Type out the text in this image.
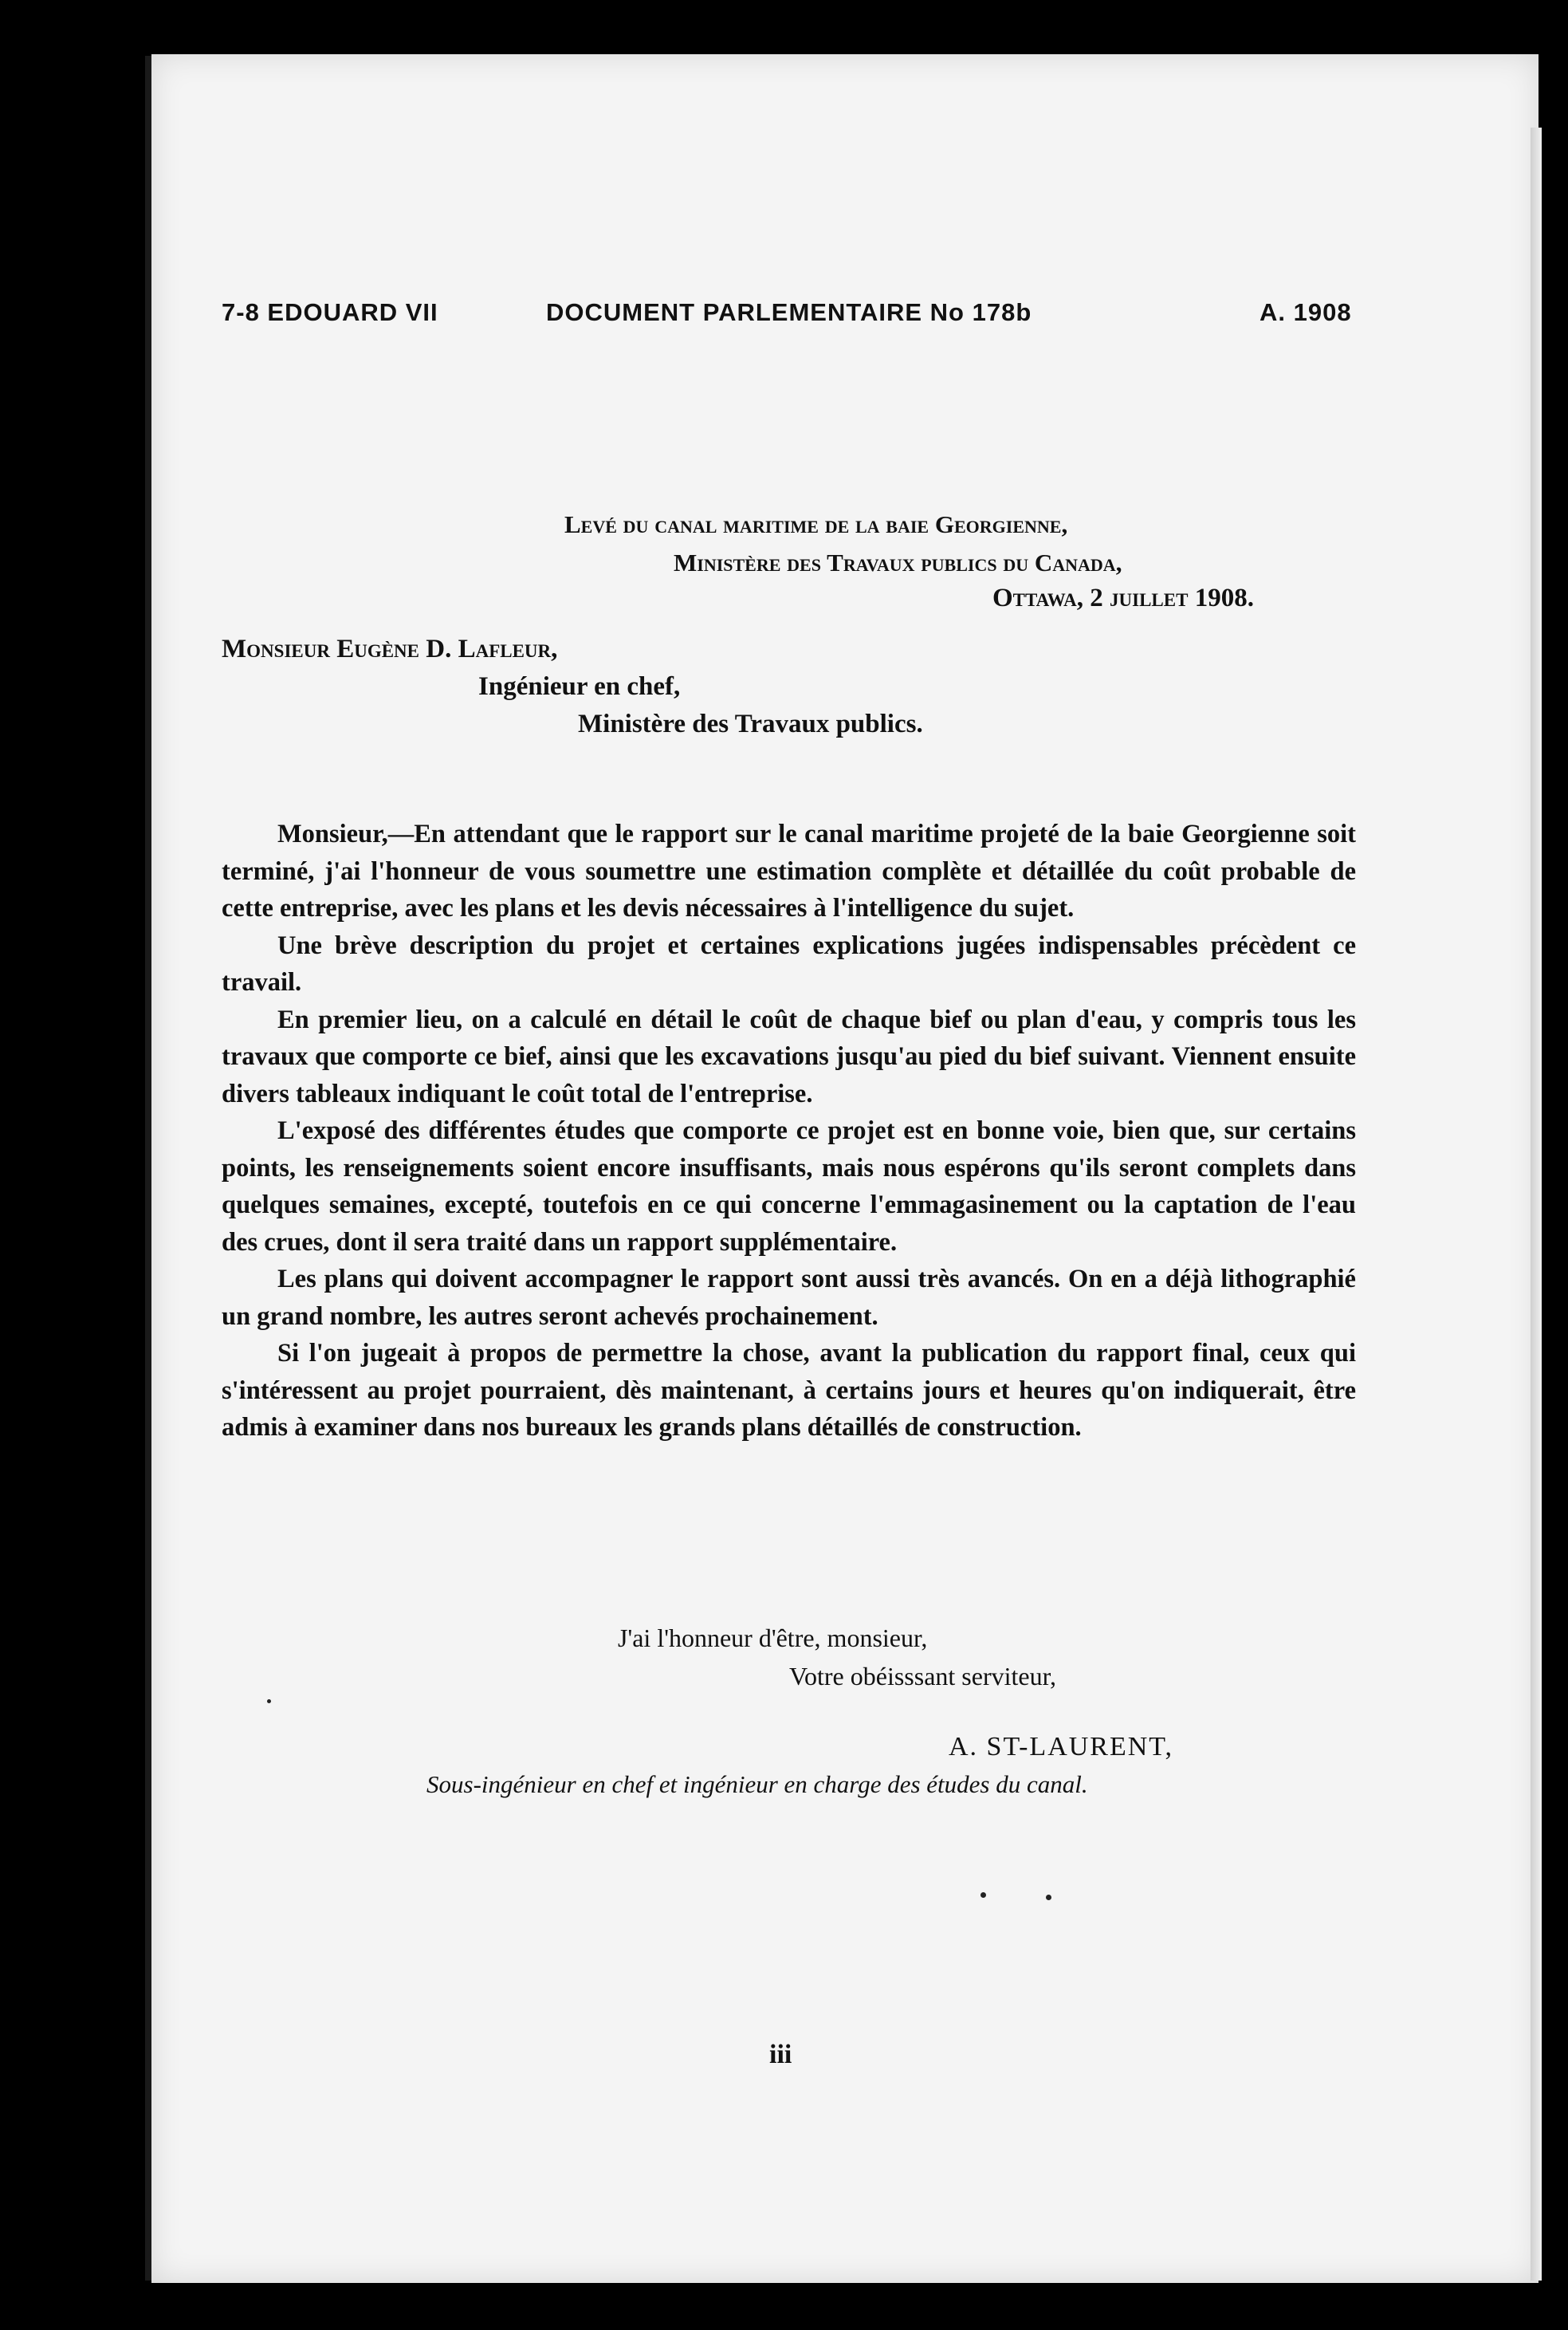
7-8 EDOUARD VII	DOCUMENT PARLEMENTAIRE No 178b	A. 1908
Levé du canal maritime de la baie Georgienne,
Ministère des Travaux publics du Canada,
Ottawa, 2 juillet 1908.
Monsieur Eugène D. Lafleur,
Ingénieur en chef,
Ministère des Travaux publics.

Monsieur,—En attendant que le rapport sur le canal maritime projeté de la baie Georgienne soit terminé, j'ai l'honneur de vous soumettre une estimation complète et détaillée du coût probable de cette entreprise, avec les plans et les devis nécessaires à l'intelligence du sujet.

Une brève description du projet et certaines explications jugées indispensables précèdent ce travail.

En premier lieu, on a calculé en détail le coût de chaque bief ou plan d'eau, y compris tous les travaux que comporte ce bief, ainsi que les excavations jusqu'au pied du bief suivant. Viennent ensuite divers tableaux indiquant le coût total de l'entreprise.

L'exposé des différentes études que comporte ce projet est en bonne voie, bien que, sur certains points, les renseignements soient encore insuffisants, mais nous espérons qu'ils seront complets dans quelques semaines, excepté, toutefois en ce qui concerne l'emmagasinement ou la captation de l'eau des crues, dont il sera traité dans un rapport supplémentaire.

Les plans qui doivent accompagner le rapport sont aussi très avancés. On en a déjà lithographié un grand nombre, les autres seront achevés prochainement.

Si l'on jugeait à propos de permettre la chose, avant la publication du rapport final, ceux qui s'intéressent au projet pourraient, dès maintenant, à certains jours et heures qu'on indiquerait, être admis à examiner dans nos bureaux les grands plans détaillés de construction.

J'ai l'honneur d'être, monsieur,
Votre obéisssant serviteur,
A. ST-LAURENT,
Sous-ingénieur en chef et ingénieur en charge des études du canal.
iii
